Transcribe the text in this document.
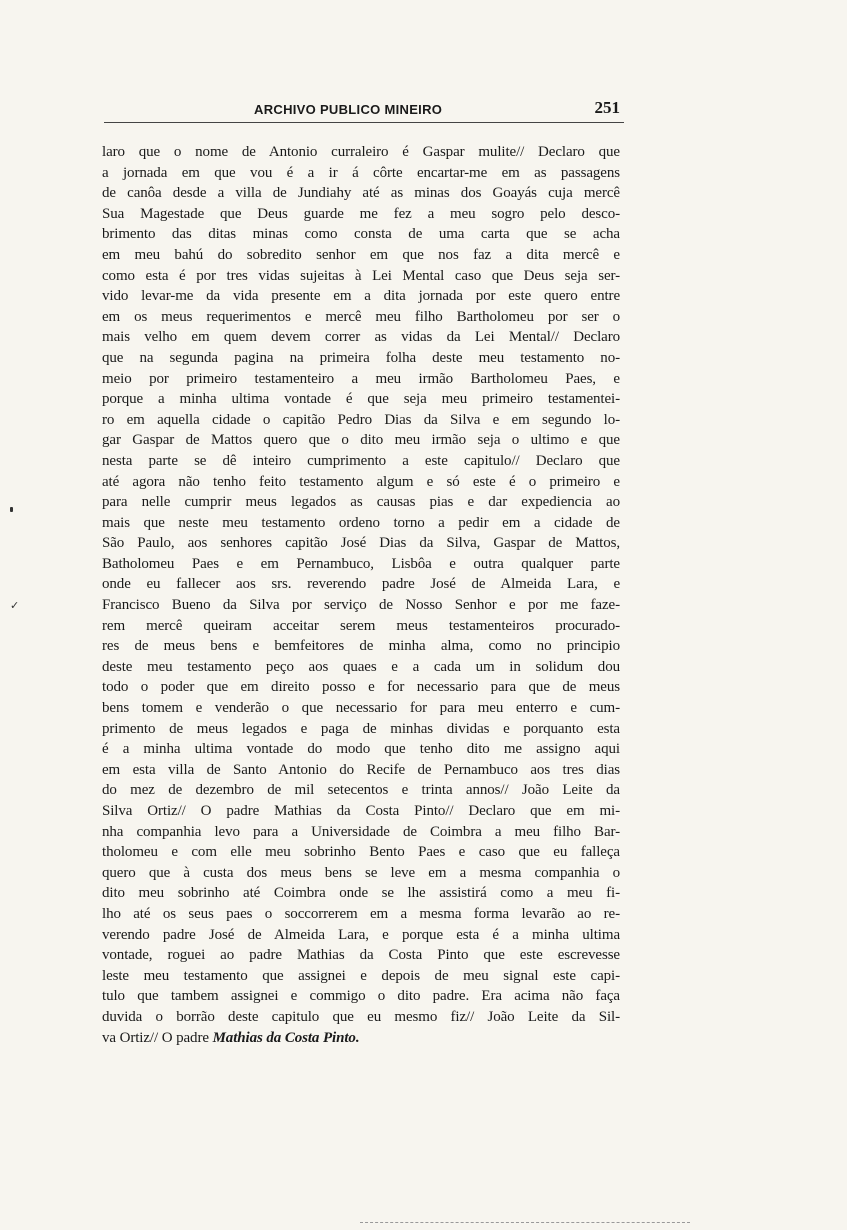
ARCHIVO PUBLICO MINEIRO	251
✓
laro que o nome de Antonio curraleiro é Gaspar mulite// Declaro que
a jornada em que vou é a ir á côrte encartar-me em as passagens
de canôa desde a villa de Jundiahy até as minas dos Goayás cuja mercê
Sua Magestade que Deus guarde me fez a meu sogro pelo desco-
brimento das ditas minas como consta de uma carta que se acha
em meu bahú do sobredito senhor em que nos faz a dita mercê e
como esta é por tres vidas sujeitas à Lei Mental caso que Deus seja ser-
vido levar-me da vida presente em a dita jornada por este quero entre
em os meus requerimentos e mercê meu filho Bartholomeu por ser o
mais velho em quem devem correr as vidas da Lei Mental// Declaro
que na segunda pagina na primeira folha deste meu testamento no-
meio por primeiro testamenteiro a meu irmão Bartholomeu Paes, e
porque a minha ultima vontade é que seja meu primeiro testamentei-
ro em aquella cidade o capitão Pedro Dias da Silva e em segundo lo-
gar Gaspar de Mattos quero que o dito meu irmão seja o ultimo e que
nesta parte se dê inteiro cumprimento a este capitulo// Declaro que
até agora não tenho feito testamento algum e só este é o primeiro e
para nelle cumprir meus legados as causas pias e dar expediencia ao
mais que neste meu testamento ordeno torno a pedir em a cidade de
São Paulo, aos senhores capitão José Dias da Silva, Gaspar de Mattos,
Batholomeu Paes e em Pernambuco, Lisbôa e outra qualquer parte
onde eu fallecer aos srs. reverendo padre José de Almeida Lara, e
Francisco Bueno da Silva por serviço de Nosso Senhor e por me faze-
rem mercê queiram acceitar serem meus testamenteiros procurado-
res de meus bens e bemfeitores de minha alma, como no principio
deste meu testamento peço aos quaes e a cada um in solidum dou
todo o poder que em direito posso e for necessario para que de meus
bens tomem e venderão o que necessario for para meu enterro e cum-
primento de meus legados e paga de minhas dividas e porquanto esta
é a minha ultima vontade do modo que tenho dito me assigno aqui
em esta villa de Santo Antonio do Recife de Pernambuco aos tres dias
do mez de dezembro de mil setecentos e trinta annos// João Leite da
Silva Ortiz// O padre Mathias da Costa Pinto// Declaro que em mi-
nha companhia levo para a Universidade de Coimbra a meu filho Bar-
tholomeu e com elle meu sobrinho Bento Paes e caso que eu falleça
quero que à custa dos meus bens se leve em a mesma companhia o
dito meu sobrinho até Coimbra onde se lhe assistirá como a meu fi-
lho até os seus paes o soccorrerem em a mesma forma levarão ao re-
verendo padre José de Almeida Lara, e porque esta é a minha ultima
vontade, roguei ao padre Mathias da Costa Pinto que este escrevesse
leste meu testamento que assignei e depois de meu signal este capi-
tulo que tambem assignei e commigo o dito padre. Era acima não faça
duvida o borrão deste capitulo que eu mesmo fiz// João Leite da Sil-
va Ortiz// O padre Mathias da Costa Pinto.
